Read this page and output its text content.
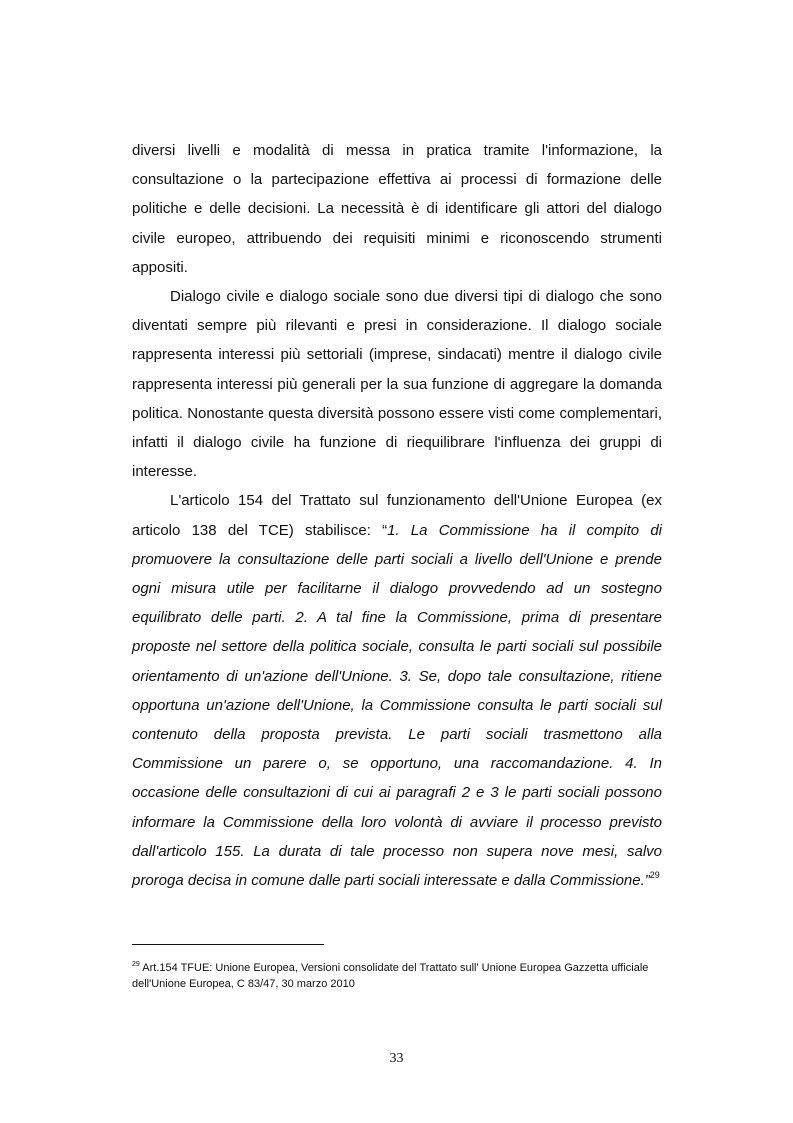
diversi livelli e modalità di messa in pratica tramite l'informazione, la consultazione o la partecipazione effettiva ai processi di formazione delle politiche e delle decisioni. La necessità è di identificare gli attori del dialogo civile europeo, attribuendo dei requisiti minimi e riconoscendo strumenti appositi.

Dialogo civile e dialogo sociale sono due diversi tipi di dialogo che sono diventati sempre più rilevanti e presi in considerazione. Il dialogo sociale rappresenta interessi più settoriali (imprese, sindacati) mentre il dialogo civile rappresenta interessi più generali per la sua funzione di aggregare la domanda politica. Nonostante questa diversità possono essere visti come complementari, infatti il dialogo civile ha funzione di riequilibrare l'influenza dei gruppi di interesse.

L'articolo 154 del Trattato sul funzionamento dell'Unione Europea (ex articolo 138 del TCE) stabilisce: “1. La Commissione ha il compito di promuovere la consultazione delle parti sociali a livello dell'Unione e prende ogni misura utile per facilitarne il dialogo provvedendo ad un sostegno equilibrato delle parti. 2. A tal fine la Commissione, prima di presentare proposte nel settore della politica sociale, consulta le parti sociali sul possibile orientamento di un'azione dell'Unione. 3. Se, dopo tale consultazione, ritiene opportuna un'azione dell'Unione, la Commissione consulta le parti sociali sul contenuto della proposta prevista. Le parti sociali trasmettono alla Commissione un parere o, se opportuno, una raccomandazione. 4. In occasione delle consultazioni di cui ai paragrafi 2 e 3 le parti sociali possono informare la Commissione della loro volontà di avviare il processo previsto dall'articolo 155. La durata di tale processo non supera nove mesi, salvo proroga decisa in comune dalle parti sociali interessate e dalla Commissione.”$^{29}$

$^{29}$ Art.154 TFUE: Unione Europea, Versioni consolidate del Trattato sull' Unione Europea Gazzetta ufficiale dell'Unione Europea, C 83/47, 30 marzo 2010
33
